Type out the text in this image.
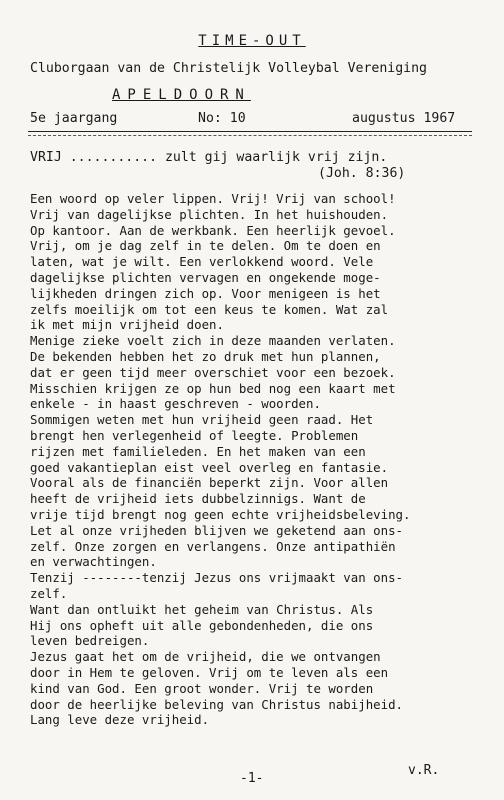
TIME-OUT
Cluborgaan van de Christelijk Volleybal Vereniging
APELDOORN
5e jaargang	No: 10	augustus 1967
VRIJ ........... zult gij waarlijk vrij zijn.
(Joh. 8:36)
Een woord op veler lippen. Vrij! Vrij van school!
Vrij van dagelijkse plichten. In het huishouden.
Op kantoor. Aan de werkbank. Een heerlijk gevoel.
Vrij, om je dag zelf in te delen. Om te doen en
laten, wat je wilt. Een verlokkend woord. Vele
dagelijkse plichten vervagen en ongekende moge-
lijkheden dringen zich op. Voor menigeen is het
zelfs moeilijk om tot een keus te komen. Wat zal
ik met mijn vrijheid doen.
Menige zieke voelt zich in deze maanden verlaten.
De bekenden hebben het zo druk met hun plannen,
dat er geen tijd meer overschiet voor een bezoek.
Misschien krijgen ze op hun bed nog een kaart met
enkele - in haast geschreven - woorden.
Sommigen weten met hun vrijheid geen raad. Het
brengt hen verlegenheid of leegte. Problemen
rijzen met familieleden. En het maken van een
goed vakantieplan eist veel overleg en fantasie.
Vooral als de financiën beperkt zijn. Voor allen
heeft de vrijheid iets dubbelzinnigs. Want de
vrije tijd brengt nog geen echte vrijheidsbeleving.
Let al onze vrijheden blijven we geketend aan ons-
zelf. Onze zorgen en verlangens. Onze antipathiën
en verwachtingen.
Tenzij --------tenzij Jezus ons vrijmaakt van ons-
zelf.
Want dan ontluikt het geheim van Christus. Als
Hij ons opheft uit alle gebondenheden, die ons
leven bedreigen.
Jezus gaat het om de vrijheid, die we ontvangen
door in Hem te geloven. Vrij om te leven als een
kind van God. Een groot wonder. Vrij te worden
door de heerlijke beleving van Christus nabijheid.
Lang leve deze vrijheid.
-1-
v.R.
